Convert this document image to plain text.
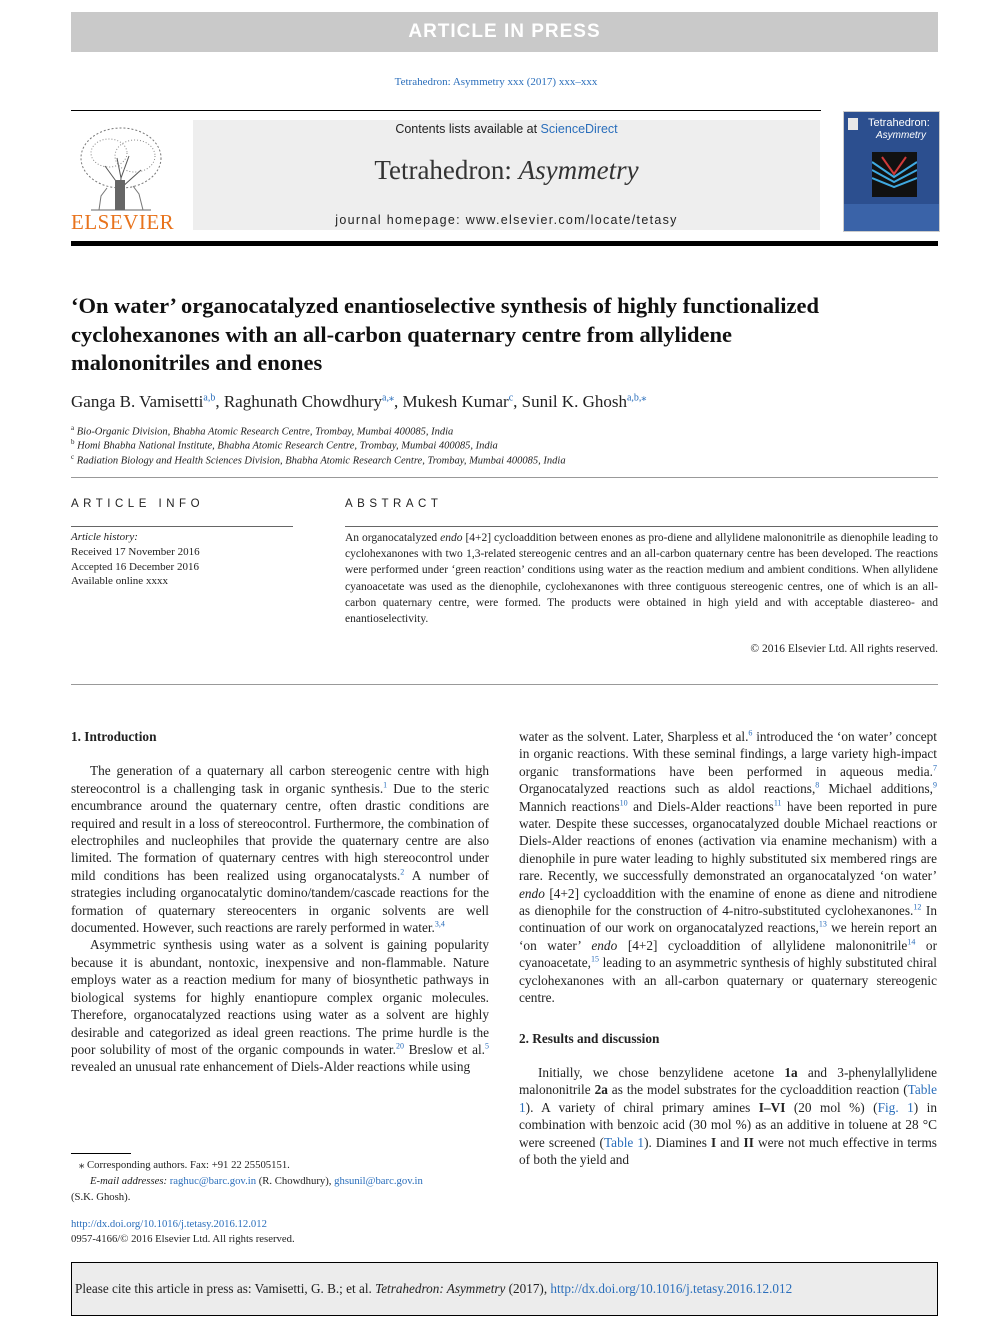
ARTICLE IN PRESS
Tetrahedron: Asymmetry xxx (2017) xxx–xxx
ELSEVIER
Contents lists available at ScienceDirect
Tetrahedron: Asymmetry
journal homepage: www.elsevier.com/locate/tetasy
Tetrahedron:
Asymmetry
‘On water’ organocatalyzed enantioselective synthesis of highly functionalized cyclohexanones with an all-carbon quaternary centre from allylidene malononitriles and enones
Ganga B. Vamisetti$^{a,b}$, Raghunath Chowdhury$^{a,⁎}$, Mukesh Kumar$^c$, Sunil K. Ghosh$^{a,b,⁎}$
$^a$ Bio-Organic Division, Bhabha Atomic Research Centre, Trombay, Mumbai 400085, India
$^b$ Homi Bhabha National Institute, Bhabha Atomic Research Centre, Trombay, Mumbai 400085, India
$^c$ Radiation Biology and Health Sciences Division, Bhabha Atomic Research Centre, Trombay, Mumbai 400085, India
ARTICLE INFO
Article history:
Received 17 November 2016
Accepted 16 December 2016
Available online xxxx
ABSTRACT
An organocatalyzed endo [4+2] cycloaddition between enones as pro-diene and allylidene malononitrile as dienophile leading to cyclohexanones with two 1,3-related stereogenic centres and an all-carbon quaternary centre has been developed. The reactions were performed under ‘green reaction’ conditions using water as the reaction medium and ambient conditions. When allylidene cyanoacetate was used as the dienophile, cyclohexanones with three contiguous stereogenic centres, one of which is an all-carbon quaternary centre, were formed. The products were obtained in high yield and with acceptable diastereo- and enantioselectivity.
© 2016 Elsevier Ltd. All rights reserved.
1. Introduction

The generation of a quaternary all carbon stereogenic centre with high stereocontrol is a challenging task in organic synthesis.$^1$ Due to the steric encumbrance around the quaternary centre, often drastic conditions are required and result in a loss of stereocontrol. Furthermore, the combination of electrophiles and nucleophiles that provide the quaternary centre are also limited. The formation of quaternary centres with high stereocontrol under mild conditions has been realized using organocatalysts.$^2$ A number of strategies including organocatalytic domino/tandem/cascade reactions for the formation of quaternary stereocenters in organic solvents are well documented. However, such reactions are rarely performed in water.$^{3,4}$

Asymmetric synthesis using water as a solvent is gaining popularity because it is abundant, nontoxic, inexpensive and non-flammable. Nature employs water as a reaction medium for many of biosynthetic pathways in biological systems for highly enantiopure complex organic molecules. Therefore, organocatalyzed reactions using water as a solvent are highly desirable and categorized as ideal green reactions. The prime hurdle is the poor solubility of most of the organic compounds in water.$^{20}$ Breslow et al.$^5$ revealed an unusual rate enhancement of Diels-Alder reactions while using

⁎ Corresponding authors. Fax: +91 22 25505151.
E-mail addresses: raghuc@barc.gov.in (R. Chowdhury), ghsunil@barc.gov.in
(S.K. Ghosh).
http://dx.doi.org/10.1016/j.tetasy.2016.12.012
0957-4166/© 2016 Elsevier Ltd. All rights reserved.

water as the solvent. Later, Sharpless et al.$^6$ introduced the ‘on water’ concept in organic reactions. With these seminal findings, a large variety high-impact organic transformations have been performed in aqueous media.$^7$ Organocatalyzed reactions such as aldol reactions,$^8$ Michael additions,$^9$ Mannich reactions$^{10}$ and Diels-Alder reactions$^{11}$ have been reported in pure water. Despite these successes, organocatalyzed double Michael reactions or Diels-Alder reactions of enones (activation via enamine mechanism) with a dienophile in pure water leading to highly substituted six membered rings are rare. Recently, we successfully demonstrated an organocatalyzed ‘on water’ endo [4+2] cycloaddition with the enamine of enone as diene and nitrodiene as dienophile for the construction of 4-nitro-substituted cyclohexanones.$^{12}$ In continuation of our work on organocatalyzed reactions,$^{13}$ we herein report an ‘on water’ endo [4+2] cycloaddition of allylidene malononitrile$^{14}$ or cyanoacetate,$^{15}$ leading to an asymmetric synthesis of highly substituted chiral cyclohexanones with an all-carbon quaternary or quaternary stereogenic centre.

2. Results and discussion

Initially, we chose benzylidene acetone 1a and 3-phenylallylidene malononitrile 2a as the model substrates for the cycloaddition reaction (Table 1). A variety of chiral primary amines I–VI (20 mol %) (Fig. 1) in combination with benzoic acid (30 mol %) as an additive in toluene at 28 °C were screened (Table 1). Diamines I and II were not much effective in terms of both the yield and

Please cite this article in press as: Vamisetti, G. B.; et al. Tetrahedron: Asymmetry (2017), http://dx.doi.org/10.1016/j.tetasy.2016.12.012
